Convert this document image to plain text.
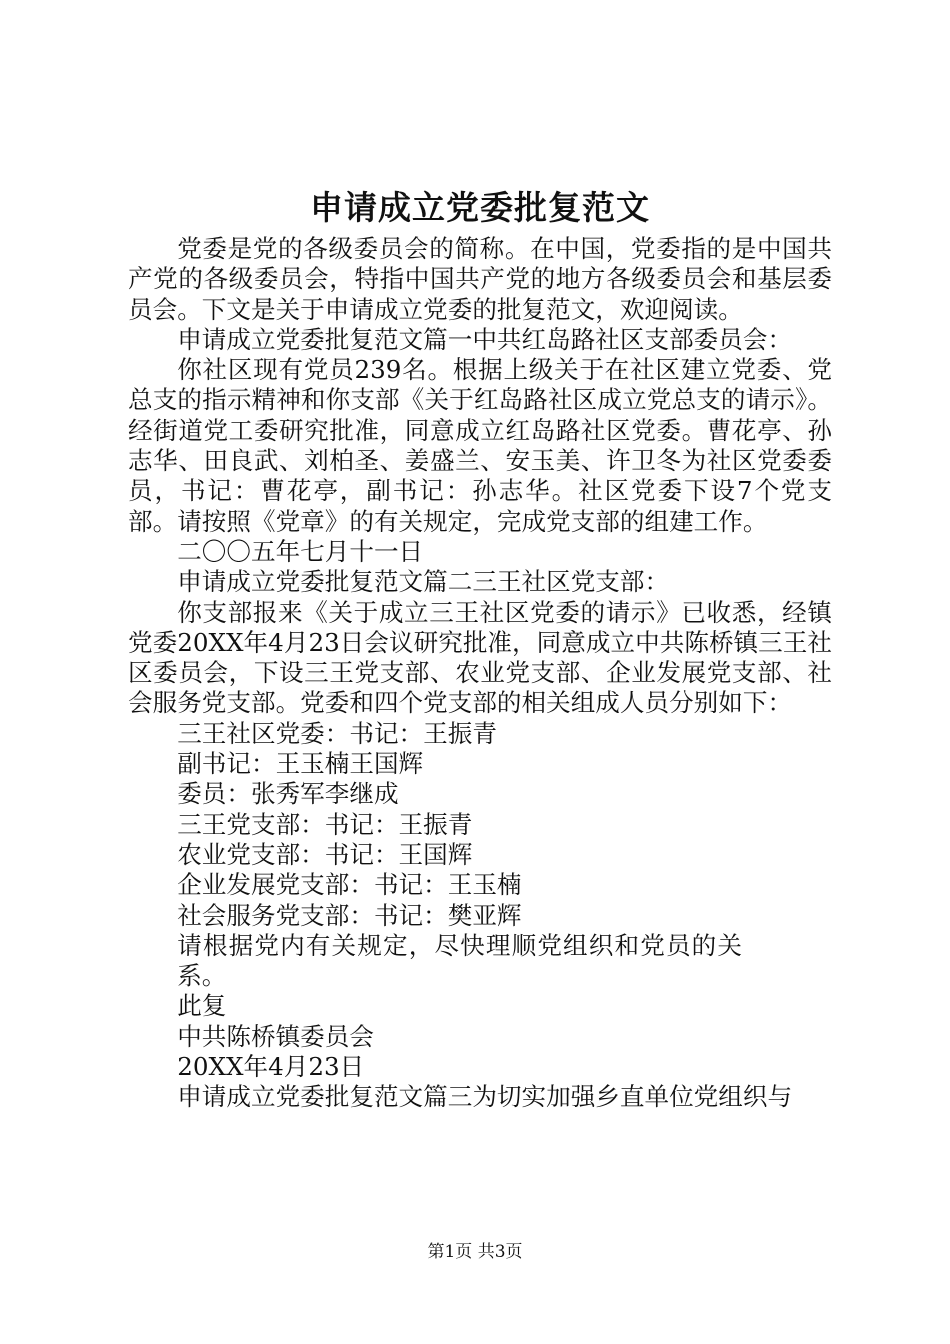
申请成立党委批复范文

党委是党的各级委员会的简称。在中国，党委指的是中国共产党的各级委员会，特指中国共产党的地方各级委员会和基层委员会。下文是关于申请成立党委的批复范文，欢迎阅读。

申请成立党委批复范文篇一中共红岛路社区支部委员会：

你社区现有党员239名。根据上级关于在社区建立党委、党总支的指示精神和你支部《关于红岛路社区成立党总支的请示》。经街道党工委研究批准，同意成立红岛路社区党委。曹花亭、孙志华、田良武、刘柏圣、姜盛兰、安玉美、许卫冬为社区党委委员，书记：曹花亭，副书记：孙志华。社区党委下设7个党支部。请按照《党章》的有关规定，完成党支部的组建工作。

二〇〇五年七月十一日

申请成立党委批复范文篇二三王社区党支部：

你支部报来《关于成立三王社区党委的请示》已收悉，经镇党委20XX年4月23日会议研究批准，同意成立中共陈桥镇三王社区委员会，下设三王党支部、农业党支部、企业发展党支部、社会服务党支部。党委和四个党支部的相关组成人员分别如下：

三王社区党委：书记：王振青

副书记：王玉楠王国辉

委员：张秀军李继成

三王党支部：书记：王振青

农业党支部：书记：王国辉

企业发展党支部：书记：王玉楠

社会服务党支部：书记：樊亚辉

请根据党内有关规定，尽快理顺党组织和党员的关系。

此复

中共陈桥镇委员会

20XX年4月23日

申请成立党委批复范文篇三为切实加强乡直单位党组织与

第1页 共3页
